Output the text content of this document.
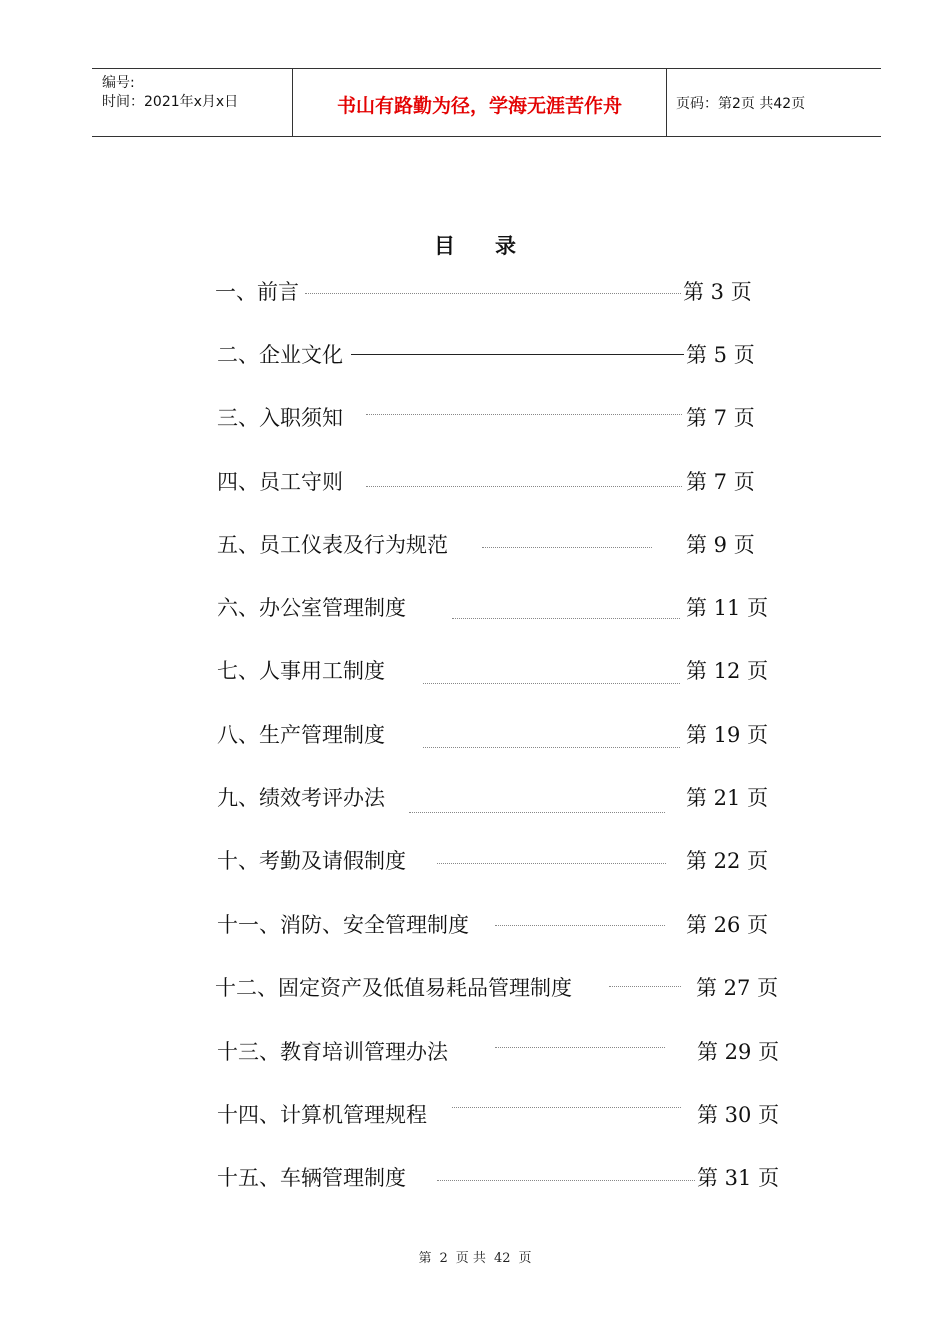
编号:
时间：2021年x月x日	书山有路勤为径，学海无涯苦作舟	页码：第2页 共42页
目录
一、前言	第 3 页
二、企业文化	第 5 页
三、入职须知	第 7 页
四、员工守则	第 7 页
五、员工仪表及行为规范	第 9 页
六、办公室管理制度	第 11 页
七、人事用工制度	第 12 页
八、生产管理制度	第 19 页
九、绩效考评办法	第 21 页
十、考勤及请假制度	第 22 页
十一、消防、安全管理制度	第 26 页
十二、固定资产及低值易耗品管理制度	第 27 页
十三、教育培训管理办法	第 29 页
十四、计算机管理规程	第 30 页
十五、车辆管理制度	第 31 页
第 2 页 共 42 页
